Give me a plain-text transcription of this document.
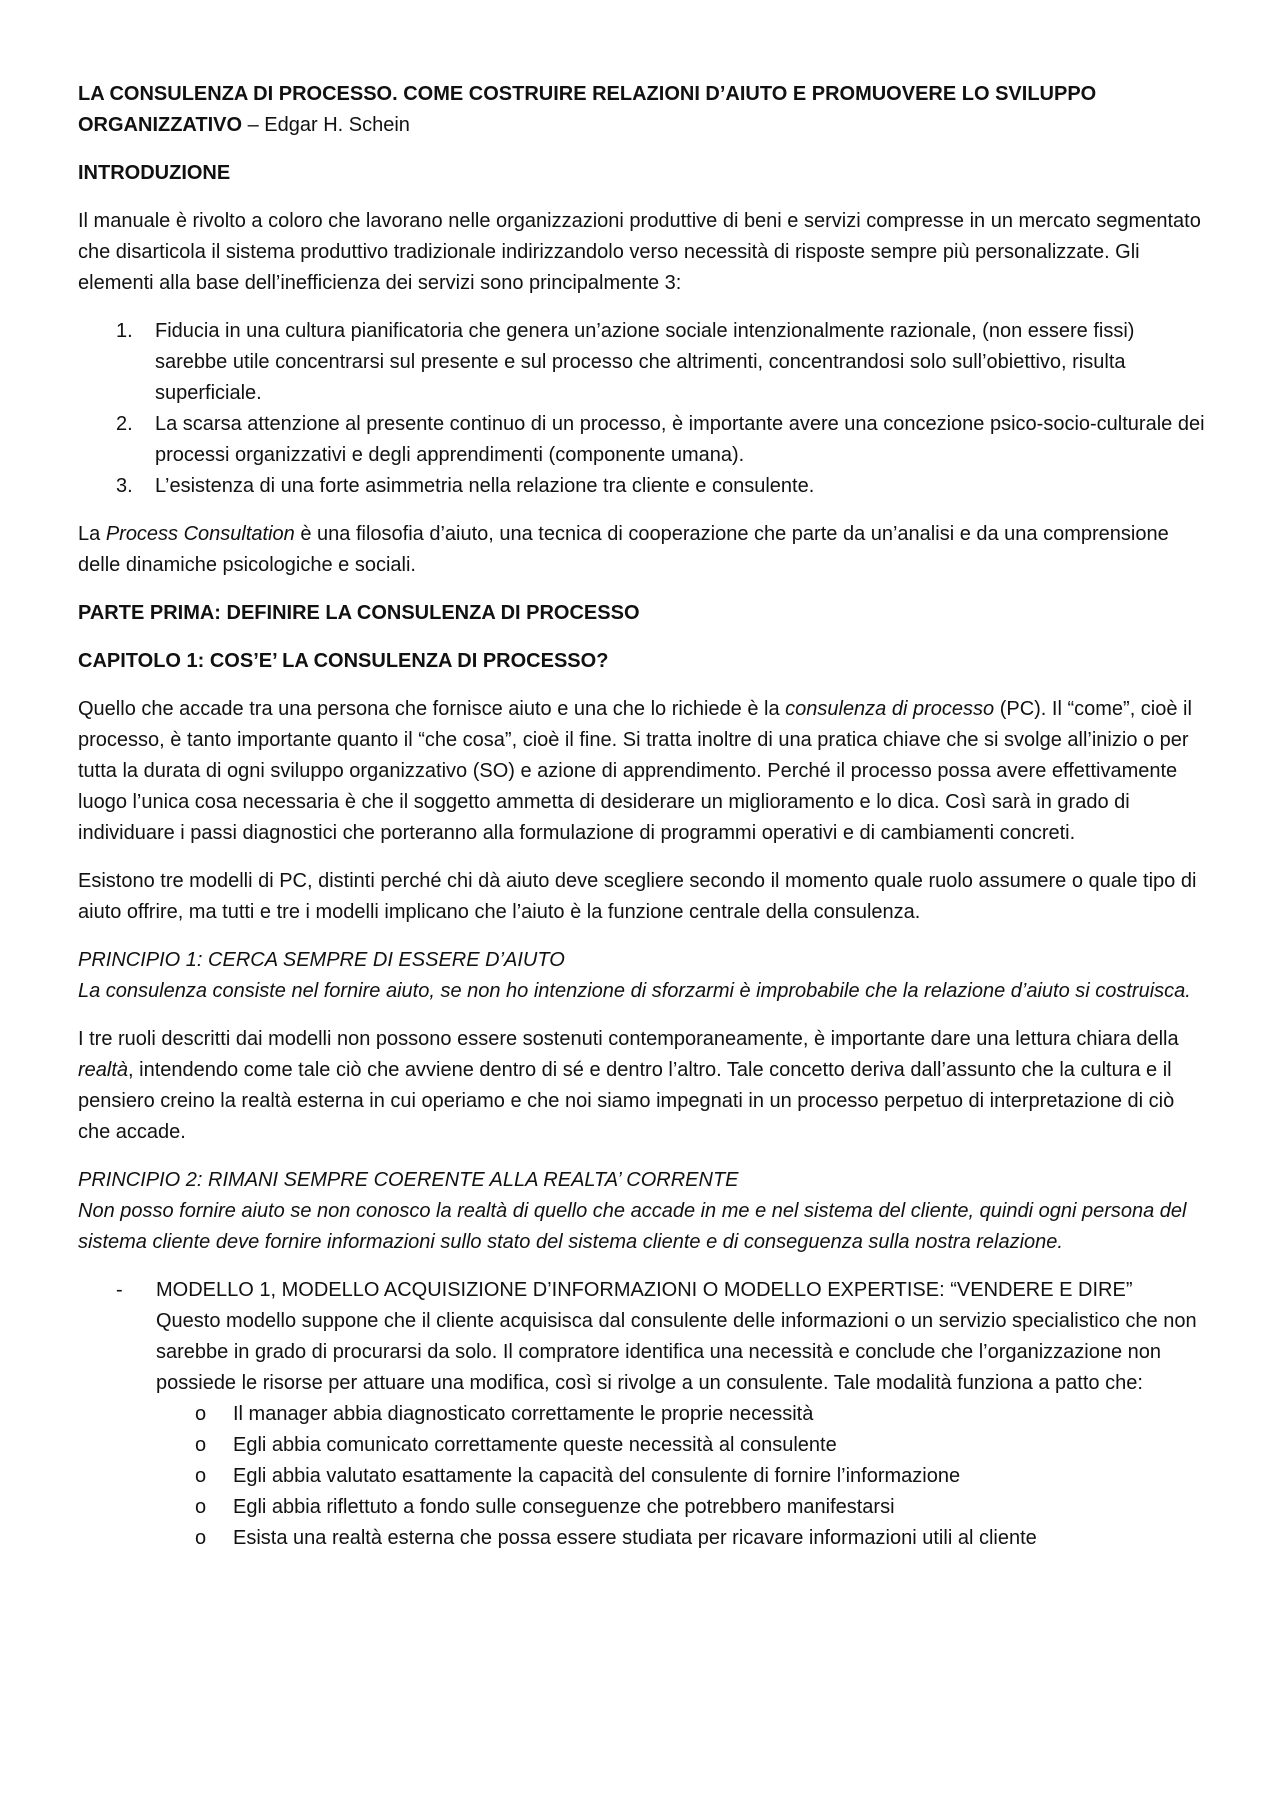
LA CONSULENZA DI PROCESSO. COME COSTRUIRE RELAZIONI D’AIUTO E PROMUOVERE LO SVILUPPO ORGANIZZATIVO – Edgar H. Schein

INTRODUZIONE

Il manuale è rivolto a coloro che lavorano nelle organizzazioni produttive di beni e servizi compresse in un mercato segmentato che disarticola il sistema produttivo tradizionale indirizzandolo verso necessità di risposte sempre più personalizzate. Gli elementi alla base dell’inefficienza dei servizi sono principalmente 3:

1. Fiducia in una cultura pianificatoria che genera un’azione sociale intenzionalmente razionale, (non essere fissi) sarebbe utile concentrarsi sul presente e sul processo che altrimenti, concentrandosi solo sull’obiettivo, risulta superficiale.
2. La scarsa attenzione al presente continuo di un processo, è importante avere una concezione psico-socio-culturale dei processi organizzativi e degli apprendimenti (componente umana).
3. L’esistenza di una forte asimmetria nella relazione tra cliente e consulente.

La Process Consultation è una filosofia d’aiuto, una tecnica di cooperazione che parte da un’analisi e da una comprensione delle dinamiche psicologiche e sociali.

PARTE PRIMA: DEFINIRE LA CONSULENZA DI PROCESSO

CAPITOLO 1: COS’E’ LA CONSULENZA DI PROCESSO?

Quello che accade tra una persona che fornisce aiuto e una che lo richiede è la consulenza di processo (PC). Il “come”, cioè il processo, è tanto importante quanto il “che cosa”, cioè il fine. Si tratta inoltre di una pratica chiave che si svolge all’inizio o per tutta la durata di ogni sviluppo organizzativo (SO) e azione di apprendimento. Perché il processo possa avere effettivamente luogo l’unica cosa necessaria è che il soggetto ammetta di desiderare un miglioramento e lo dica. Così sarà in grado di individuare i passi diagnostici che porteranno alla formulazione di programmi operativi e di cambiamenti concreti.

Esistono tre modelli di PC, distinti perché chi dà aiuto deve scegliere secondo il momento quale ruolo assumere o quale tipo di aiuto offrire, ma tutti e tre i modelli implicano che l’aiuto è la funzione centrale della consulenza.

PRINCIPIO 1: CERCA SEMPRE DI ESSERE D’AIUTO
La consulenza consiste nel fornire aiuto, se non ho intenzione di sforzarmi è improbabile che la relazione d’aiuto si costruisca.

I tre ruoli descritti dai modelli non possono essere sostenuti contemporaneamente, è importante dare una lettura chiara della realtà, intendendo come tale ciò che avviene dentro di sé e dentro l’altro. Tale concetto deriva dall’assunto che la cultura e il pensiero creino la realtà esterna in cui operiamo e che noi siamo impegnati in un processo perpetuo di interpretazione di ciò che accade.

PRINCIPIO 2: RIMANI SEMPRE COERENTE ALLA REALTA’ CORRENTE
Non posso fornire aiuto se non conosco la realtà di quello che accade in me e nel sistema del cliente, quindi ogni persona del sistema cliente deve fornire informazioni sullo stato del sistema cliente e di conseguenza sulla nostra relazione.

- MODELLO 1, MODELLO ACQUISIZIONE D’INFORMAZIONI O MODELLO EXPERTISE: “VENDERE E DIRE”
Questo modello suppone che il cliente acquisisca dal consulente delle informazioni o un servizio specialistico che non sarebbe in grado di procurarsi da solo. Il compratore identifica una necessità e conclude che l’organizzazione non possiede le risorse per attuare una modifica, così si rivolge a un consulente. Tale modalità funziona a patto che:
o Il manager abbia diagnosticato correttamente le proprie necessità
o Egli abbia comunicato correttamente queste necessità al consulente
o Egli abbia valutato esattamente la capacità del consulente di fornire l’informazione
o Egli abbia riflettuto a fondo sulle conseguenze che potrebbero manifestarsi
o Esista una realtà esterna che possa essere studiata per ricavare informazioni utili al cliente
